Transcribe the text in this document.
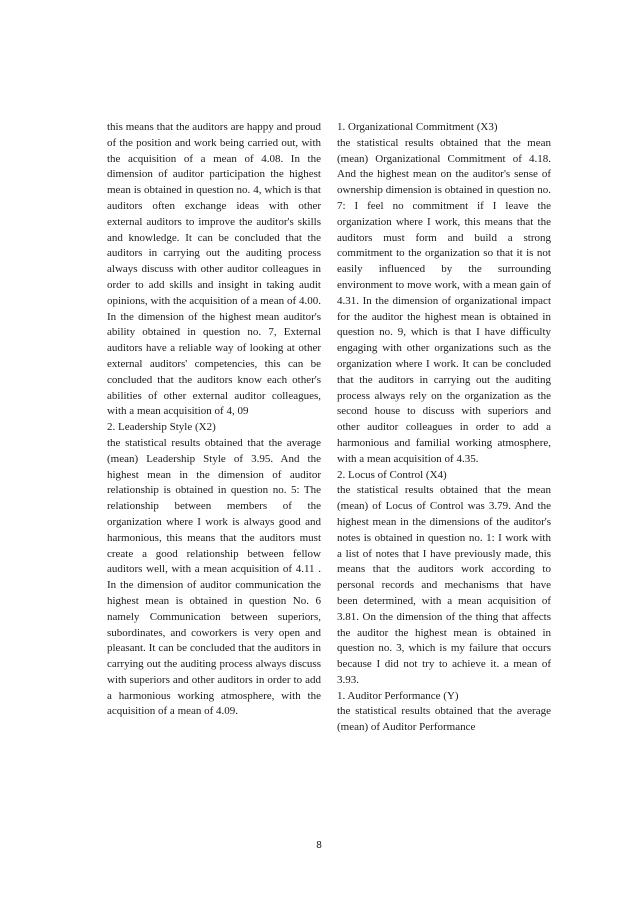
this means that the auditors are happy and proud of the position and work being carried out, with the acquisition of a mean of 4.08. In the dimension of auditor participation the highest mean is obtained in question no. 4, which is that auditors often exchange ideas with other external auditors to improve the auditor's skills and knowledge. It can be concluded that the auditors in carrying out the auditing process always discuss with other auditor colleagues in order to add skills and insight in taking audit opinions, with the acquisition of a mean of 4.00. In the dimension of the highest mean auditor's ability obtained in question no. 7, External auditors have a reliable way of looking at other external auditors' competencies, this can be concluded that the auditors know each other's abilities of other external auditor colleagues, with a mean acquisition of 4, 09

2. Leadership Style (X2)

the statistical results obtained that the average (mean) Leadership Style of 3.95. And the highest mean in the dimension of auditor relationship is obtained in question no. 5: The relationship between members of the organization where I work is always good and harmonious, this means that the auditors must create a good relationship between fellow auditors well, with a mean acquisition of 4.11 . In the dimension of auditor communication the highest mean is obtained in question No. 6 namely Communication between superiors, subordinates, and coworkers is very open and pleasant. It can be concluded that the auditors in carrying out the auditing process always discuss with superiors and other auditors in order to add a harmonious working atmosphere, with the acquisition of a mean of 4.09.

1. Organizational Commitment (X3)

the statistical results obtained that the mean (mean) Organizational Commitment of 4.18. And the highest mean on the auditor's sense of ownership dimension is obtained in question no. 7: I feel no commitment if I leave the organization where I work, this means that the auditors must form and build a strong commitment to the organization so that it is not easily influenced by the surrounding environment to move work, with a mean gain of 4.31. In the dimension of organizational impact for the auditor the highest mean is obtained in question no. 9, which is that I have difficulty engaging with other organizations such as the organization where I work. It can be concluded that the auditors in carrying out the auditing process always rely on the organization as the second house to discuss with superiors and other auditor colleagues in order to add a harmonious and familial working atmosphere, with a mean acquisition of 4.35.

2. Locus of Control (X4)

the statistical results obtained that the mean (mean) of Locus of Control was 3.79. And the highest mean in the dimensions of the auditor's notes is obtained in question no. 1: I work with a list of notes that I have previously made, this means that the auditors work according to personal records and mechanisms that have been determined, with a mean acquisition of 3.81. On the dimension of the thing that affects the auditor the highest mean is obtained in question no. 3, which is my failure that occurs because I did not try to achieve it. a mean of 3.93.

1. Auditor Performance (Y)

the statistical results obtained that the average (mean) of Auditor Performance

8
